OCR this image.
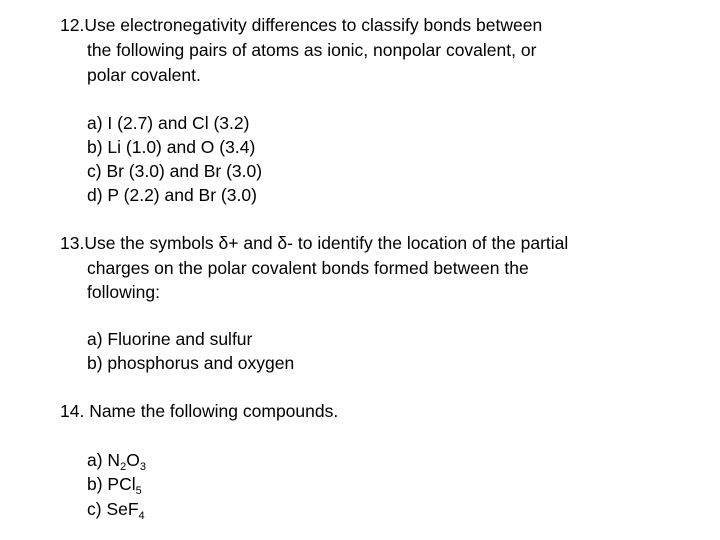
12.Use electronegativity differences to classify bonds between
the following pairs of atoms as ionic, nonpolar covalent, or
polar covalent.
a) I (2.7) and Cl (3.2)
b) Li (1.0) and O (3.4)
c) Br (3.0) and Br (3.0)
d) P (2.2) and Br (3.0)
13.Use the symbols δ+ and δ- to identify the location of the partial
charges on the polar covalent bonds formed between the
following:
a) Fluorine and sulfur
b) phosphorus and oxygen
14. Name the following compounds.
a) $N_2O_3$
b) PCl$_5$
c) SeF$_4$
